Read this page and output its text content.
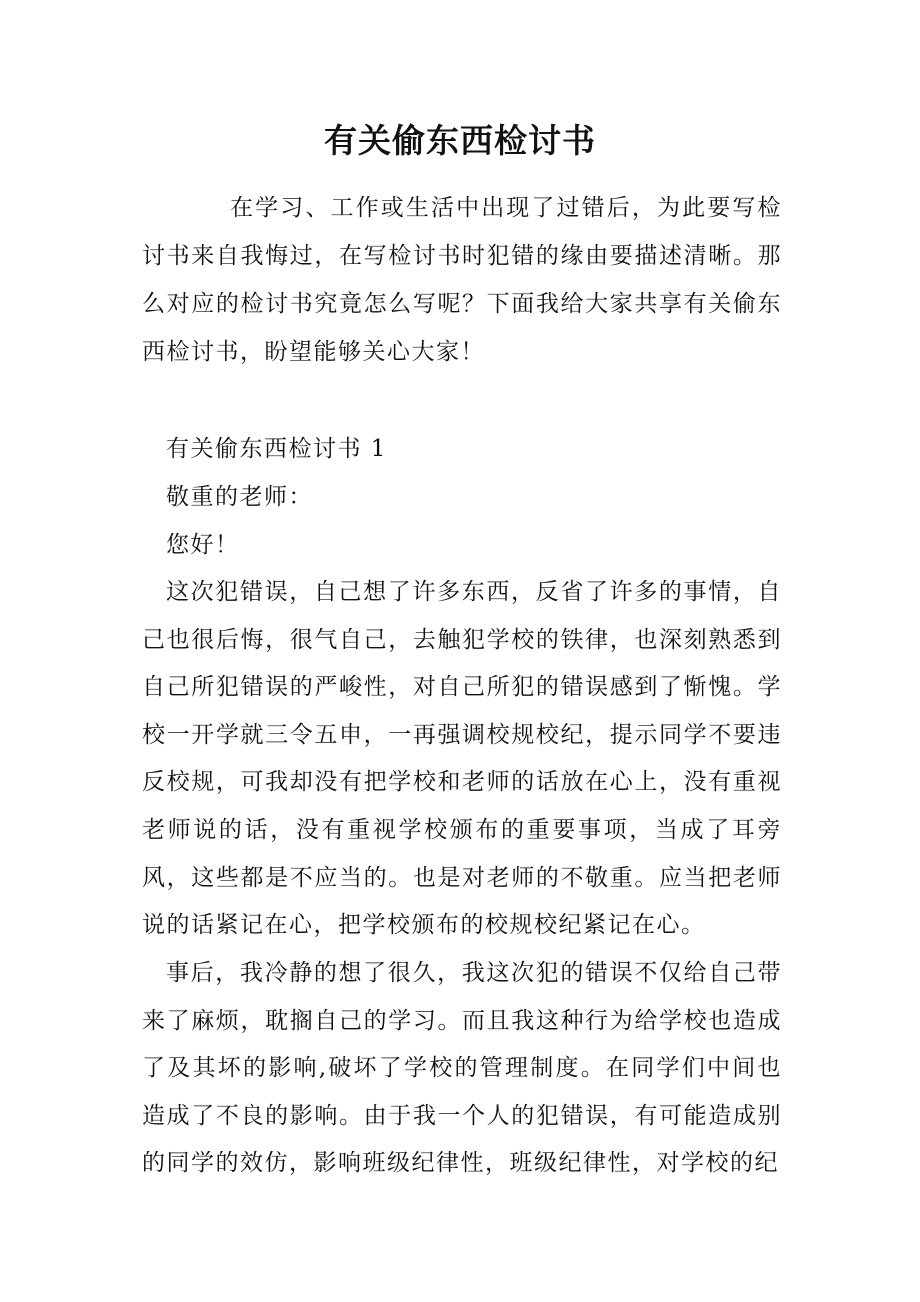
有关偷东西检讨书
在学习、工作或生活中出现了过错后，为此要写检讨书来自我悔过，在写检讨书时犯错的缘由要描述清晰。那么对应的检讨书究竟怎么写呢？下面我给大家共享有关偷东西检讨书，盼望能够关心大家！
有关偷东西检讨书 1
敬重的老师：
您好！
这次犯错误，自己想了许多东西，反省了许多的事情，自己也很后悔，很气自己，去触犯学校的铁律，也深刻熟悉到自己所犯错误的严峻性，对自己所犯的错误感到了惭愧。学校一开学就三令五申，一再强调校规校纪，提示同学不要违反校规，可我却没有把学校和老师的话放在心上，没有重视老师说的话，没有重视学校颁布的重要事项，当成了耳旁风，这些都是不应当的。也是对老师的不敬重。应当把老师说的话紧记在心，把学校颁布的校规校纪紧记在心。
事后，我冷静的想了很久，我这次犯的错误不仅给自己带来了麻烦，耽搁自己的学习。而且我这种行为给学校也造成了及其坏的影响,破坏了学校的管理制度。在同学们中间也造成了不良的影响。由于我一个人的犯错误，有可能造成别的同学的效仿，影响班级纪律性，班级纪律性，对学校的纪
